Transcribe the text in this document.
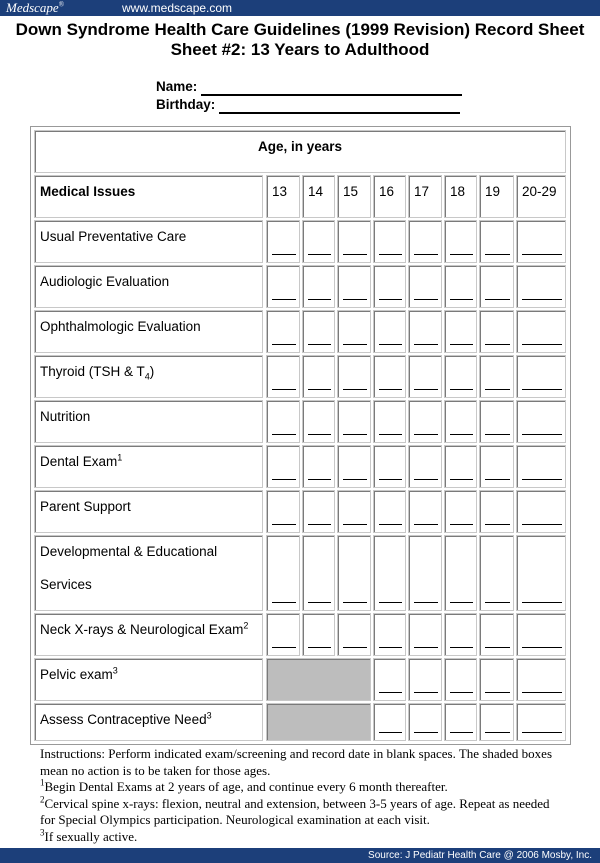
Medscape®	www.medscape.com
Down Syndrome Health Care Guidelines (1999 Revision) Record Sheet
Sheet #2: 13 Years to Adulthood
Name:
Birthday:
Age, in years
Medical Issues	13 14 15 16 17 18 19 20-29
Usual Preventative Care
Audiologic Evaluation
Ophthalmologic Evaluation
Thyroid (TSH & $T_4$)
Nutrition
Dental Exam$^1$
Parent Support
Developmental & Educational
Services
Neck X-rays & Neurological Exam$^2$
Pelvic exam$^3$
Assess Contraceptive Need$^3$
Instructions: Perform indicated exam/screening and record date in blank spaces. The shaded boxes mean no action is to be taken for those ages.
$^1$Begin Dental Exams at 2 years of age, and continue every 6 month thereafter.
$^2$Cervical spine x-rays: flexion, neutral and extension, between 3-5 years of age. Repeat as needed for Special Olympics participation. Neurological examination at each visit.
$^3$If sexually active.
Source: J Pediatr Health Care @ 2006 Mosby, Inc.
